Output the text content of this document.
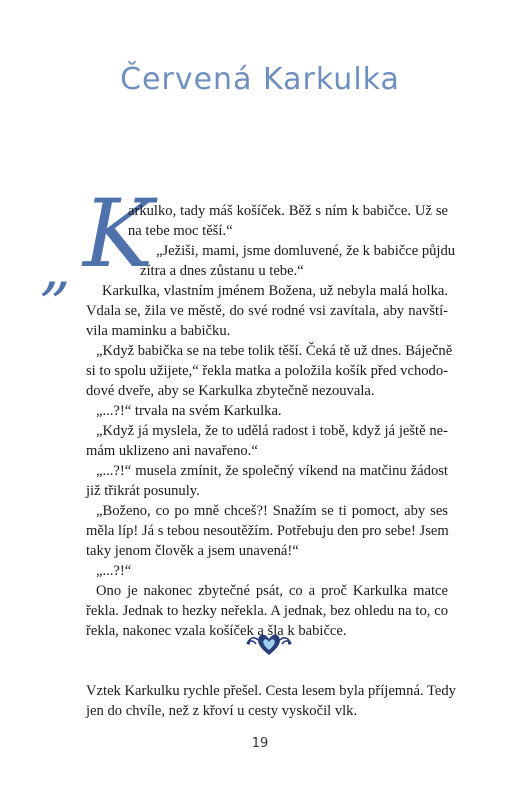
Červená Karkulka
„ K
arkulko, tady máš košíček. Běž s ním k babičce. Už se
na tebe moc těší.“
„Ježiši, mami, jsme domluvené, že k babičce půjdu
zítra a dnes zůstanu u tebe.“
Karkulka, vlastním jménem Božena, už nebyla malá holka.
Vdala se, žila ve městě, do své rodné vsi zavítala, aby navští-
vila maminku a babičku.
„Když babička se na tebe tolik těší. Čeká tě už dnes. Báječně
si to spolu užijete,“ řekla matka a položila košík před vchodo-
dové dveře, aby se Karkulka zbytečně nezouvala.
„...?!“ trvala na svém Karkulka.
„Když já myslela, že to udělá radost i tobě, když já ještě ne-
mám uklizeno ani navařeno.“
„...?!“ musela zmínit, že společný víkend na matčinu žádost
již třikrát posunuly.
„Boženo, co po mně chceš?! Snažím se ti pomoct, aby ses
měla líp! Já s tebou nesoutěžím. Potřebuju den pro sebe! Jsem
taky jenom člověk a jsem unavená!“
„...?!“
Ono je nakonec zbytečné psát, co a proč Karkulka matce
řekla. Jednak to hezky neřekla. A jednak, bez ohledu na to, co
řekla, nakonec vzala košíček a šla k babičce.
Vztek Karkulku rychle přešel. Cesta lesem byla příjemná. Tedy
jen do chvíle, než z křoví u cesty vyskočil vlk.
19
